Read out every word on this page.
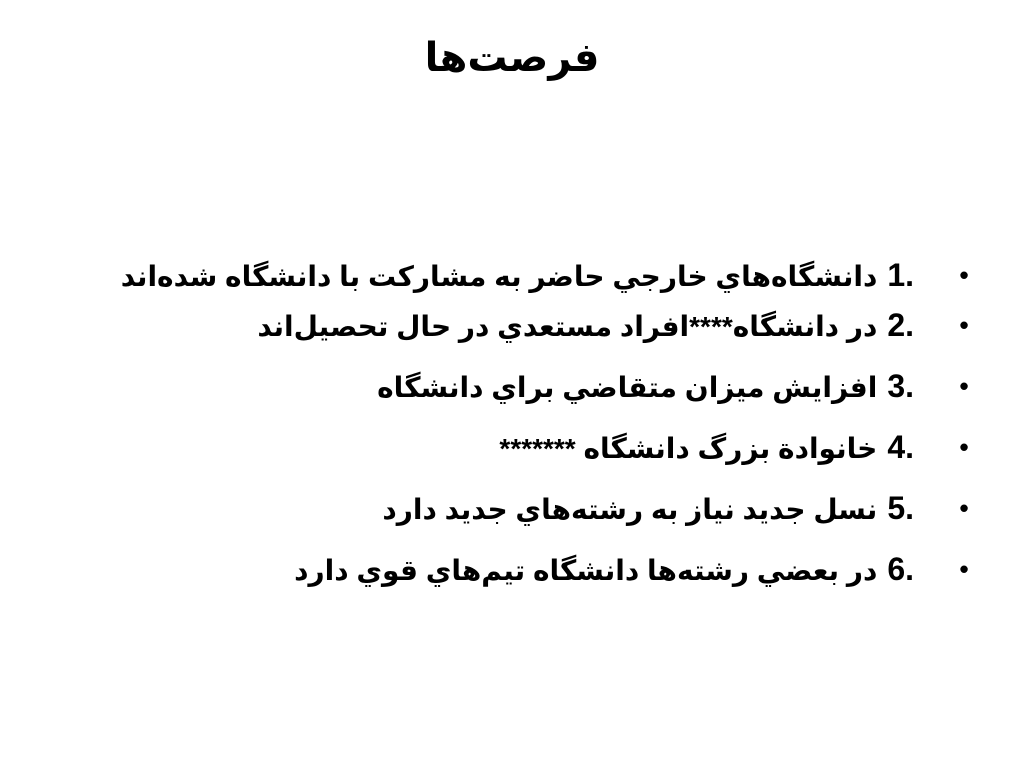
فرصت‌ها
•
1.دانشگاه‌هاي خارجي حاضر به مشاركت با دانشگاه شده‌اند
•
2.در دانشگاه****افراد مستعدي در حال تحصيل‌اند
•
3.افزايش ميزان متقاضي براي دانشگاه
•
4.خانوادة بزرگ دانشگاه *******
•
5.نسل جديد نياز به رشته‌هاي جديد دارد
•
6.در بعضي رشته‌ها دانشگاه تيم‌هاي قوي دارد
